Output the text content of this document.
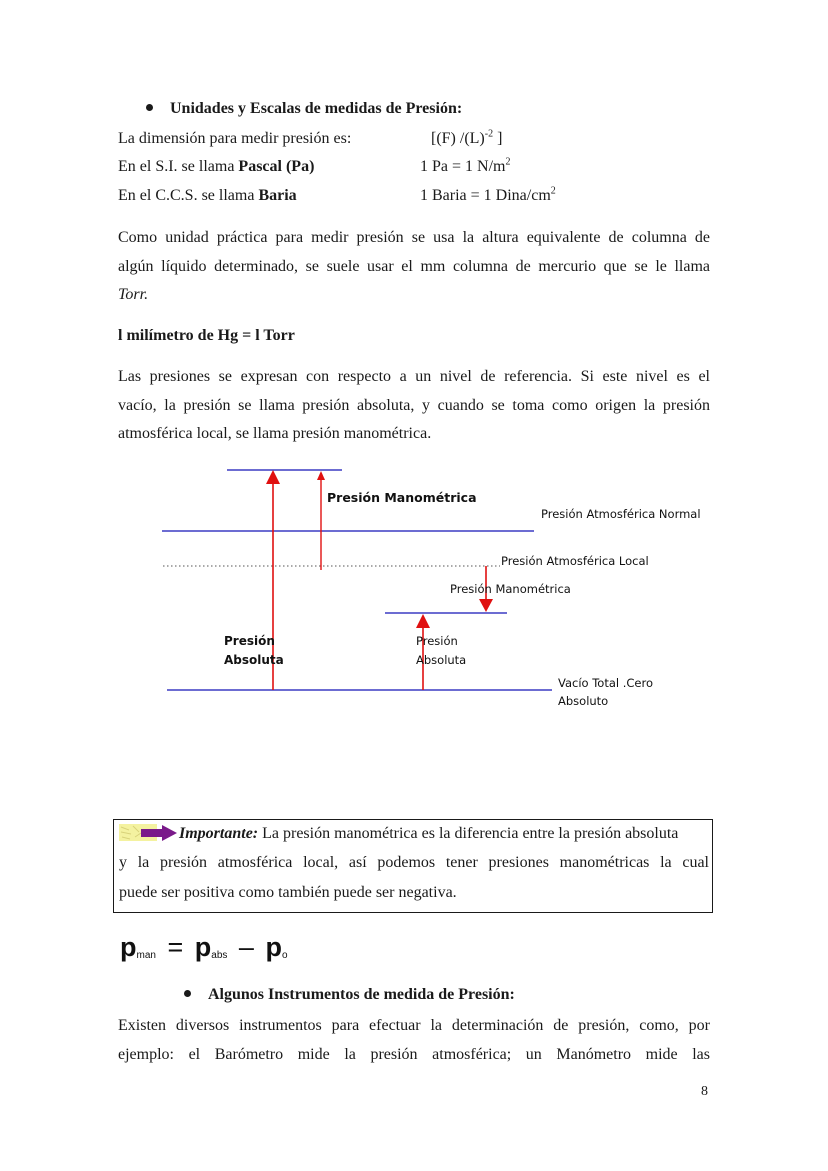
Unidades y Escalas de medidas de Presión:
La dimensión para medir presión es:	[(F) $/(L)^{-2}$ ]
En el S.I. se llama Pascal (Pa)	1 Pa = 1 $N/m^2$
En el C.C.S. se llama Baria	1 Baria = 1 Dina/$cm^2$
Como unidad práctica para medir presión se usa la altura equivalente de columna de
algún líquido determinado, se suele usar el mm columna de mercurio que se le llama
Torr.
l milímetro de Hg = l Torr
Las presiones se expresan con respecto a un nivel de referencia. Si este nivel es el
vacío, la presión se llama presión absoluta, y cuando se toma como origen la presión
atmosférica local, se llama presión manométrica.
Presión Manométrica
Presión Atmosférica Normal
Presión Atmosférica Local
Presión Manométrica
Presión
Absoluta
Presión
Absoluta
Vacío Total .Cero
Absoluto
Importante: La presión manométrica es la diferencia entre la presión absoluta
y la presión atmosférica local, así podemos tener presiones manométricas la cual
puede ser positiva como también puede ser negativa.
$p_{man} = p_{abs} - p_o$
Algunos Instrumentos de medida de Presión:
Existen diversos instrumentos para efectuar la determinación de presión, como, por
ejemplo: el Barómetro mide la presión atmosférica; un Manómetro mide las
8
